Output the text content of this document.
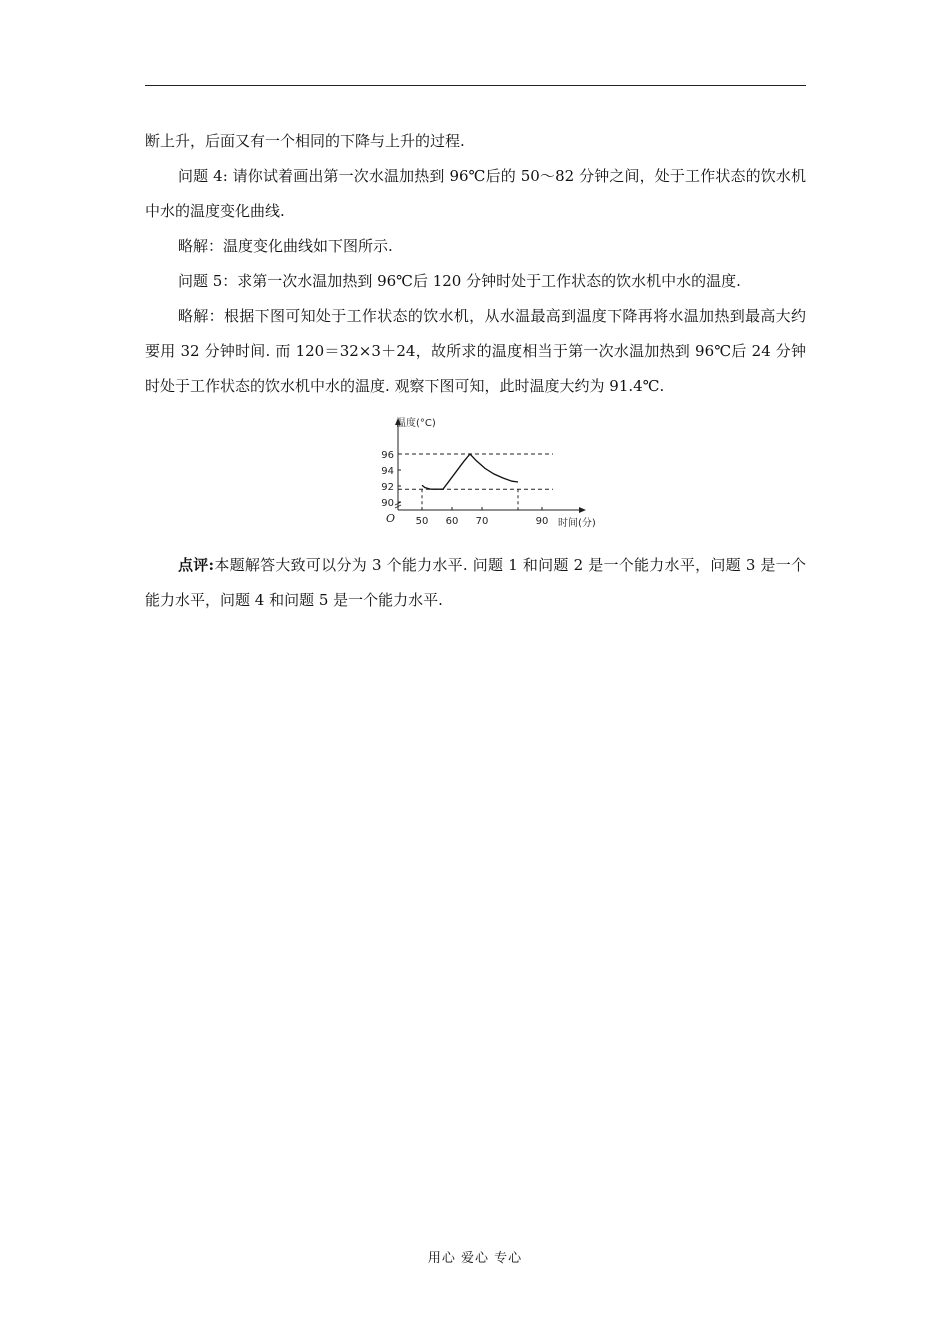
断上升，后面又有一个相同的下降与上升的过程.

问题 4: 请你试着画出第一次水温加热到 96℃后的 50～82 分钟之间，处于工作状态的饮水机中水的温度变化曲线.

略解：温度变化曲线如下图所示.

问题 5：求第一次水温加热到 96℃后 120 分钟时处于工作状态的饮水机中水的温度.

略解：根据下图可知处于工作状态的饮水机，从水温最高到温度下降再将水温加热到最高大约要用 32 分钟时间. 而 120＝32×3＋24，故所求的温度相当于第一次水温加热到 96℃后 24 分钟时处于工作状态的饮水机中水的温度. 观察下图可知，此时温度大约为 91.4℃.

温度(°C)
时间(分)
O
90
92
94
96
50 60 70	90

点评:本题解答大致可以分为 3 个能力水平. 问题 1 和问题 2 是一个能力水平，问题 3 是一个能力水平，问题 4 和问题 5 是一个能力水平.

用心 爱心 专心
